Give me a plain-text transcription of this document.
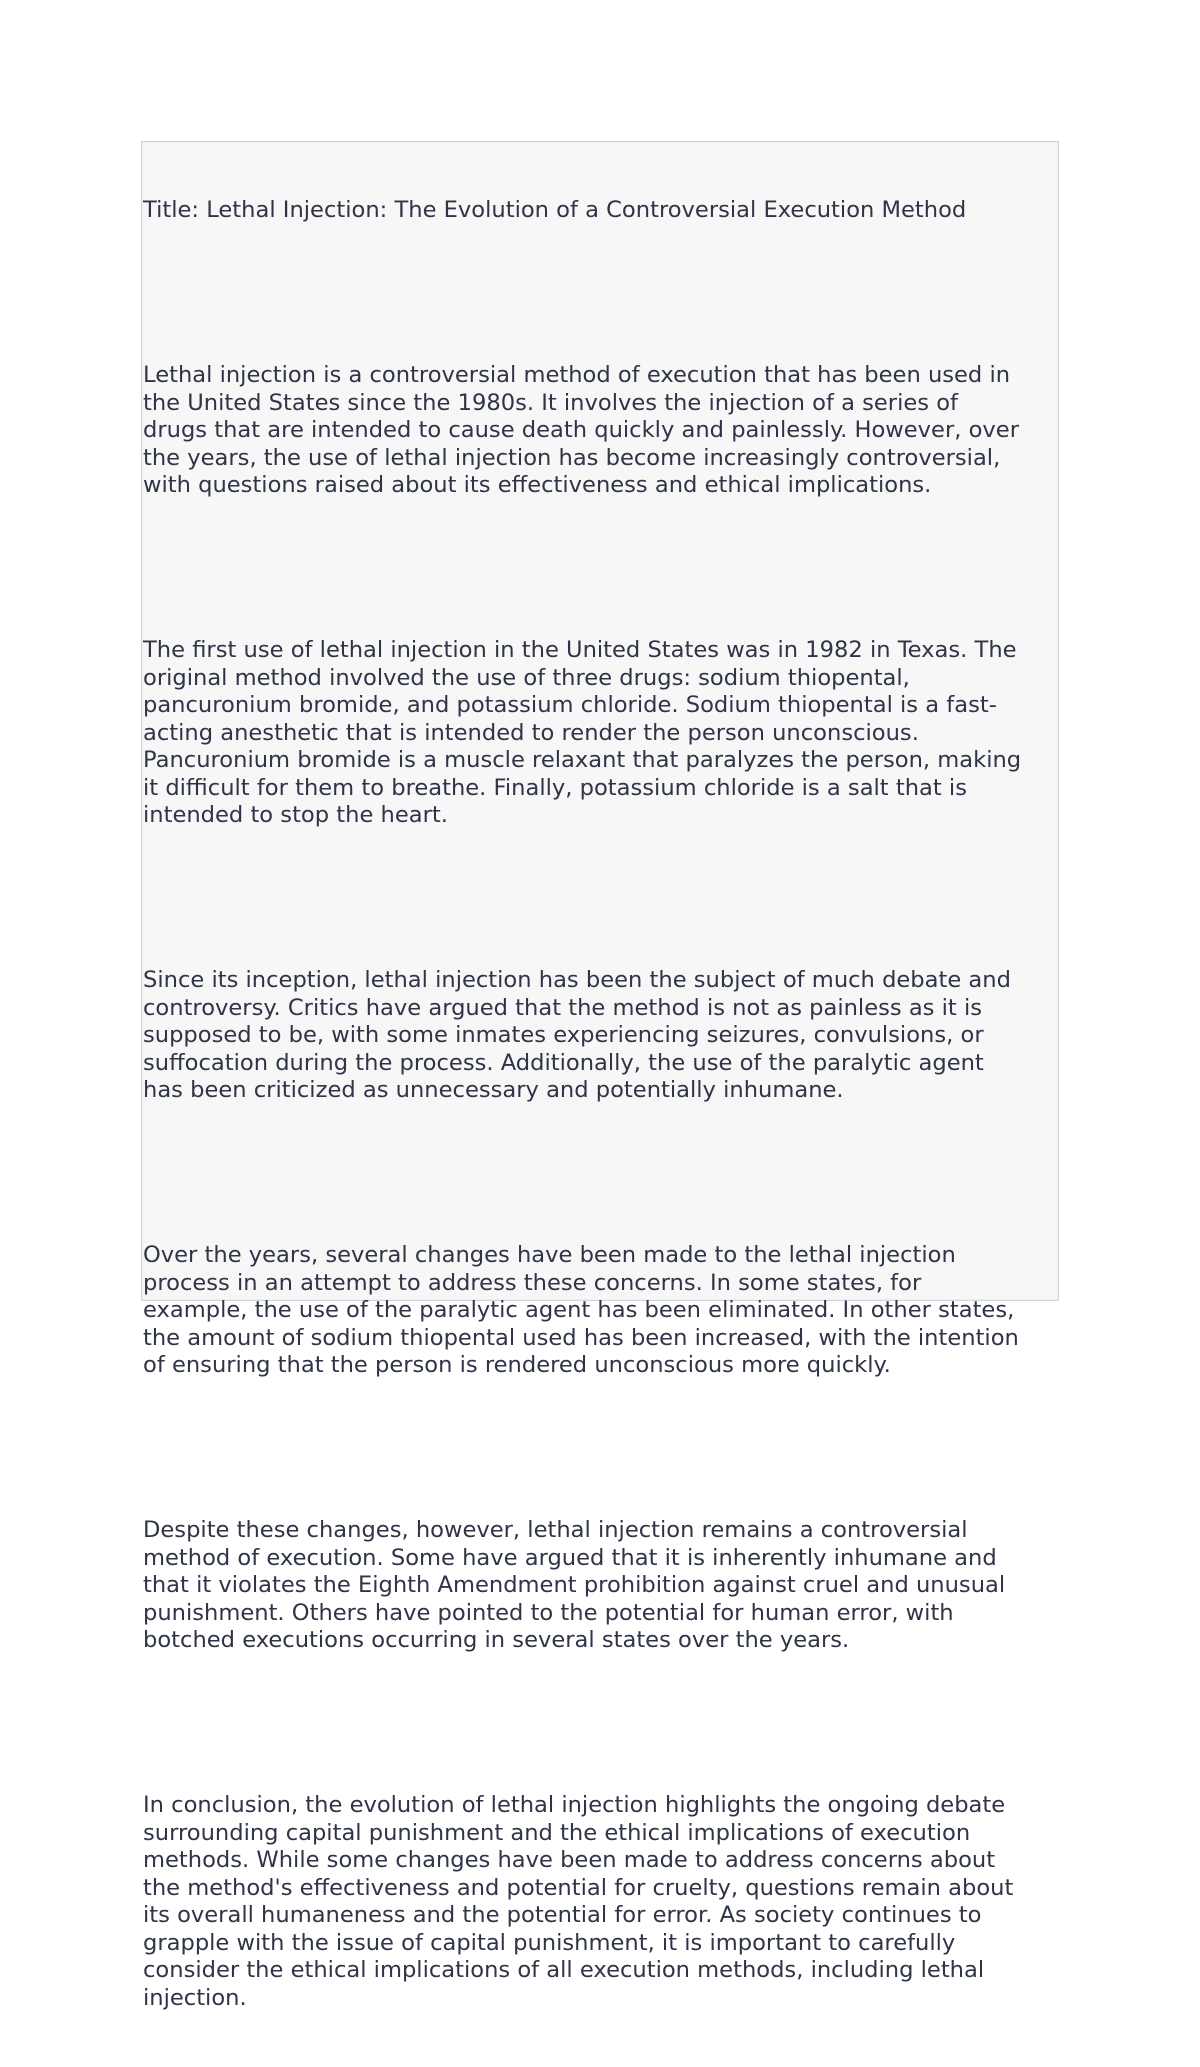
Title: Lethal Injection: The Evolution of a Controversial Execution Method

Lethal injection is a controversial method of execution that has been used in
the United States since the 1980s. It involves the injection of a series of
drugs that are intended to cause death quickly and painlessly. However, over
the years, the use of lethal injection has become increasingly controversial,
with questions raised about its effectiveness and ethical implications.

The first use of lethal injection in the United States was in 1982 in Texas. The
original method involved the use of three drugs: sodium thiopental,
pancuronium bromide, and potassium chloride. Sodium thiopental is a fast-
acting anesthetic that is intended to render the person unconscious.
Pancuronium bromide is a muscle relaxant that paralyzes the person, making
it difficult for them to breathe. Finally, potassium chloride is a salt that is
intended to stop the heart.

Since its inception, lethal injection has been the subject of much debate and
controversy. Critics have argued that the method is not as painless as it is
supposed to be, with some inmates experiencing seizures, convulsions, or
suffocation during the process. Additionally, the use of the paralytic agent
has been criticized as unnecessary and potentially inhumane.

Over the years, several changes have been made to the lethal injection
process in an attempt to address these concerns. In some states, for
example, the use of the paralytic agent has been eliminated. In other states,
the amount of sodium thiopental used has been increased, with the intention
of ensuring that the person is rendered unconscious more quickly.

Despite these changes, however, lethal injection remains a controversial
method of execution. Some have argued that it is inherently inhumane and
that it violates the Eighth Amendment prohibition against cruel and unusual
punishment. Others have pointed to the potential for human error, with
botched executions occurring in several states over the years.

In conclusion, the evolution of lethal injection highlights the ongoing debate
surrounding capital punishment and the ethical implications of execution
methods. While some changes have been made to address concerns about
the method's effectiveness and potential for cruelty, questions remain about
its overall humaneness and the potential for error. As society continues to
grapple with the issue of capital punishment, it is important to carefully
consider the ethical implications of all execution methods, including lethal
injection.
